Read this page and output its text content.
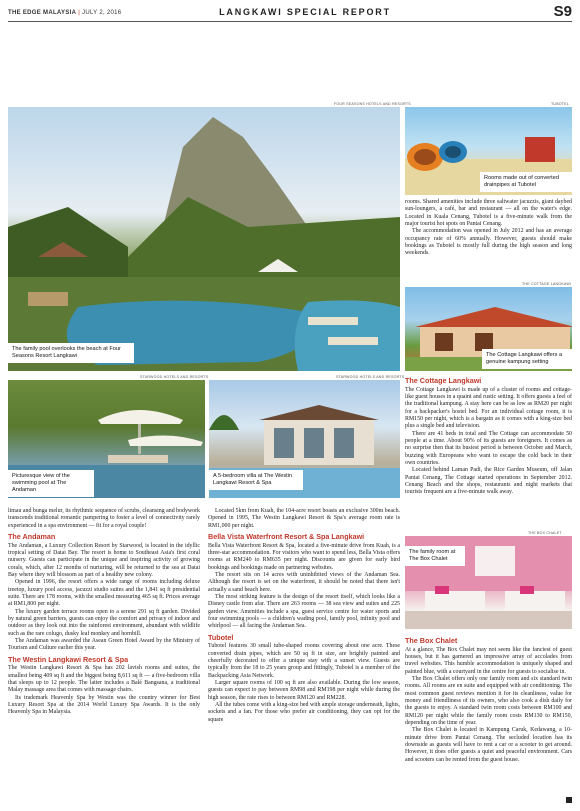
THE EDGE MALAYSIA | JULY 2, 2016	LANGKAWI SPECIAL REPORT	S9
FOUR SEASONS HOTELS AND RESORTS
The family pool overlooks the beach at Four Seasons Resort Langkawi
TUBOTEL
Rooms made out of converted drainpipes at Tubotel
STARWOOD HOTELS AND RESORTS
Picturesque view of the swimming pool at The Andaman
STARWOOD HOTELS AND RESORTS
A 5-bedroom villa at The Westin Langkawi Resort & Spa
THE COTTAGE LANGKAWI
The Cottage Langkawi offers a genuine kampung setting
THE BOX CHALET
The family room at The Box Chalet

limau and bunga melur, its rhythmic sequence of scrubs, cleansing and bodywork transcends traditional romantic pampering to foster a level of connectivity rarely experienced in a spa environment — fit for a royal couple!

The Andaman

The Andaman, a Luxury Collection Resort by Starwood, is located in the idyllic tropical setting of Datai Bay. The resort is home to Southeast Asia's first coral nursery. Guests can participate in the unique and inspiring activity of growing corals, which, after 12 months of nurturing, will be returned to the sea at Datai Bay where they will blossom as part of a healthy new colony.

Opened in 1996, the resort offers a wide range of rooms including deluxe treetop, luxury pool access, jacuzzi studio suites and the 1,841 sq ft presidential suite. There are 178 rooms, with the smallest measuring 465 sq ft. Prices average at RM1,800 per night.

The luxury garden terrace rooms open to a serene 291 sq ft garden. Divided by natural green barriers, guests can enjoy the comfort and privacy of indoor and outdoor as they look out into the rainforest environment, abundant with wildlife such as the rare colugo, dusky leaf monkey and hornbill.

The Andaman was awarded the Asean Green Hotel Award by the Ministry of Tourism and Culture earlier this year.

The Westin Langkawi Resort & Spa

The Westin Langkawi Resort & Spa has 202 lavish rooms and suites, the smallest being 409 sq ft and the biggest being 8,611 sq ft — a five-bedroom villa that sleeps up to 12 people. The latter includes a Balé Bangsana, a traditional Malay massage area that comes with massage chairs.

Its trademark Heavenly Spa by Westin was the country winner for Best Luxury Resort Spa at the 2014 World Luxury Spa Awards. It is the only Heavenly Spa in Malaysia.

Located 5km from Kuah, the 104-acre resort boasts an exclusive 300m beach. Opened in 1995, The Westin Langkawi Resort & Spa's average room rate is RM1,000 per night.

Bella Vista Waterfront Resort & Spa Langkawi

Bella Vista Waterfront Resort & Spa, located a five-minute drive from Kuah, is a three-star accommodation. For visitors who want to spend less, Bella Vista offers rooms at RM240 to RM635 per night. Discounts are given for early bird bookings and bookings made on partnering websites.

The resort sits on 14 acres with uninhibited views of the Andaman Sea. Although the resort is set on the waterfront, it should be noted that there isn't actually a sand beach here.

The most striking feature is the design of the resort itself, which looks like a Disney castle from afar. There are 263 rooms — 38 sea view and suites and 225 garden view. Amenities include a spa, guest service centre for water sports and four swimming pools — a children's wading pool, family pool, infinity pool and whirlpool — all facing the Andaman Sea.

Tubotel

Tubotel features 30 small tube-shaped rooms covering about one acre. These converted drain pipes, which are 50 sq ft in size, are brightly painted and cheerfully decorated to offer a unique stay with a sunset view. Guests are typically from the 18 to 25 years group and fittingly, Tubotel is a member of the Backpacking Asia Network.

Larger square rooms of 100 sq ft are also available. During the low season, guests can expect to pay between RM98 and RM198 per night while during the high season, the rate rises to between RM120 and RM228.

All the tubes come with a king-size bed with ample storage underneath, lights, sockets and a fan. For those who prefer air conditioning, they can opt for the square

rooms. Shared amenities include three saltwater jacuzzis, giant daybed sun-loungers, a café, bar and restaurant — all on the water's edge. Located in Kuala Cenang, Tubotel is a five-minute walk from the major tourist hot spots on Pantai Cenang.

The accommodation was opened in July 2012 and has an average occupancy rate of 60% annually. However, guests should make bookings as Tubotel is mostly full during the high season and long weekends.

The Cottage Langkawi

The Cottage Langkawi is made up of a cluster of rooms and cottage-like guest houses in a quaint and rustic setting. It offers guests a feel of the traditional kampung. A stay here can be as low as RM20 per night for a backpacker's hostel bed. For an individual cottage room, it is RM150 per night, which is a bargain as it comes with a king-size bed plus a single bed and television.

There are 41 beds in total and The Cottage can accommodate 50 people at a time. About 90% of its guests are foreigners. It comes as no surprise then that its busiest period is between October and March, buzzing with Europeans who want to escape the cold back in their own countries.

Located behind Laman Padi, the Rice Garden Museum, off Jalan Pantai Cenang, The Cottage started operations in September 2012. Cenang Beach and the shops, restaurants and night markets that tourists frequent are a five-minute walk away.

The Box Chalet

At a glance, The Box Chalet may not seem like the fanciest of guest houses, but it has garnered an impressive array of accolades from travel websites. This humble accommodation is uniquely shaped and painted blue, with a courtyard in the centre for guests to socialise in.

The Box Chalet offers only one family room and six standard twin rooms. All rooms are en suite and equipped with air conditioning. The most common guest reviews mention it for its cleanliness, value for money and friendliness of its owners, who also cook a dish daily for the guests to enjoy. A standard twin room costs between RM100 and RM120 per night while the family room costs RM130 to RM150, depending on the time of year.

The Box Chalet is located in Kampung Caruk, Kedawang, a 10-minute drive from Pantai Cenang. The secluded location has its downside as guests will have to rent a car or a scooter to get around. However, it does offer guests a quiet and peaceful environment. Cars and scooters can be rented from the guest house.
